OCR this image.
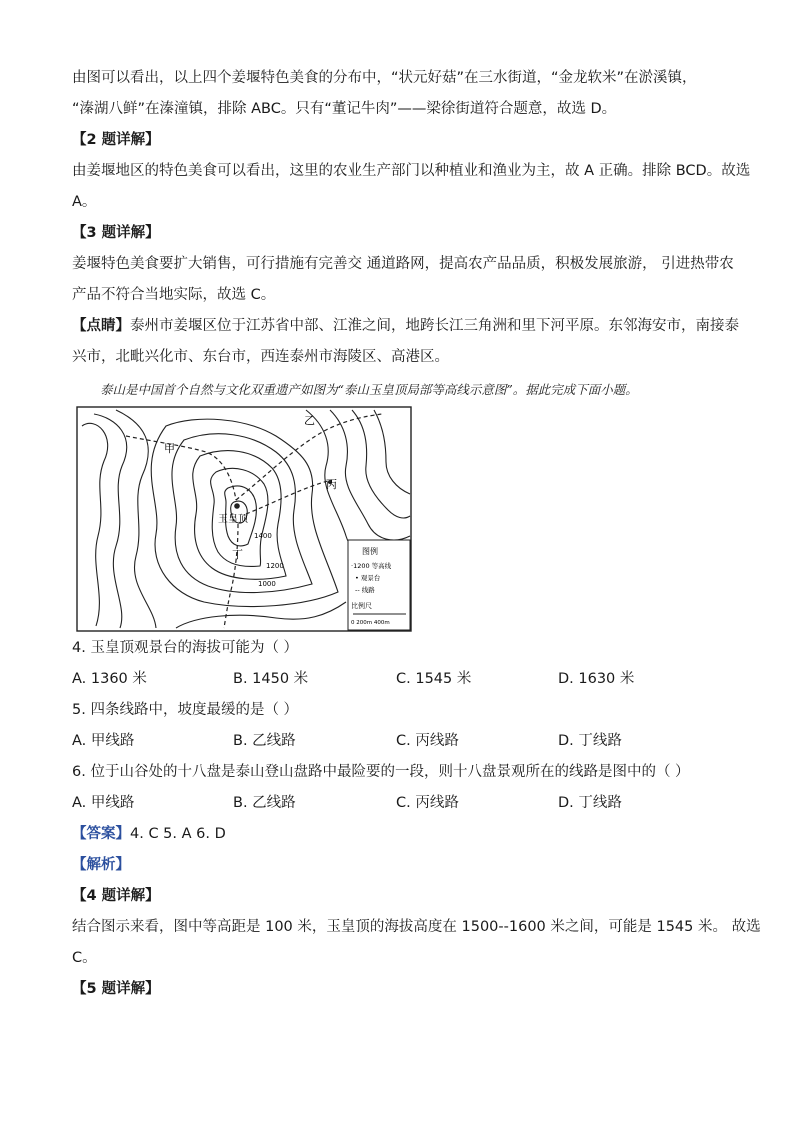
由图可以看出，以上四个姜堰特色美食的分布中，“状元好菇”在三水街道，“金龙软米”在淤溪镇，
“溱湖八鲜”在溱潼镇，排除 ABC。只有“董记牛肉”——梁徐街道符合题意，故选 D。
【2 题详解】
由姜堰地区的特色美食可以看出，这里的农业生产部门以种植业和渔业为主，故 A 正确。排除 BCD。故选
A。
【3 题详解】
姜堰特色美食要扩大销售，可行措施有完善交 通道路网，提高农产品品质，积极发展旅游， 引进热带农
产品不符合当地实际，故选 C。
【点睛】泰州市姜堰区位于江苏省中部、江淮之间，地跨长江三角洲和里下河平原。东邻海安市，南接泰
兴市，北毗兴化市、东台市，西连泰州市海陵区、高港区。
泰山是中国首个自然与文化双重遗产如图为“泰山玉皇顶局部等高线示意图”。据此完成下面小题。
甲
乙
丙
丁
玉皇顶
1400
1200
1000
图例
·1200 等高线
• 观景台
-- 线路
比例尺
0 200m 400m
4. 玉皇顶观景台的海拔可能为（ ）
A. 1360 米	B. 1450 米	C. 1545 米	D. 1630 米
5. 四条线路中，坡度最缓的是（ ）
A. 甲线路	B. 乙线路	C. 丙线路	D. 丁线路
6. 位于山谷处的十八盘是泰山登山盘路中最险要的一段，则十八盘景观所在的线路是图中的（ ）
A. 甲线路	B. 乙线路	C. 丙线路	D. 丁线路
【答案】4. C 5. A 6. D
【解析】
【4 题详解】
结合图示来看，图中等高距是 100 米，玉皇顶的海拔高度在 1500--1600 米之间，可能是 1545 米。 故选
C。
【5 题详解】
